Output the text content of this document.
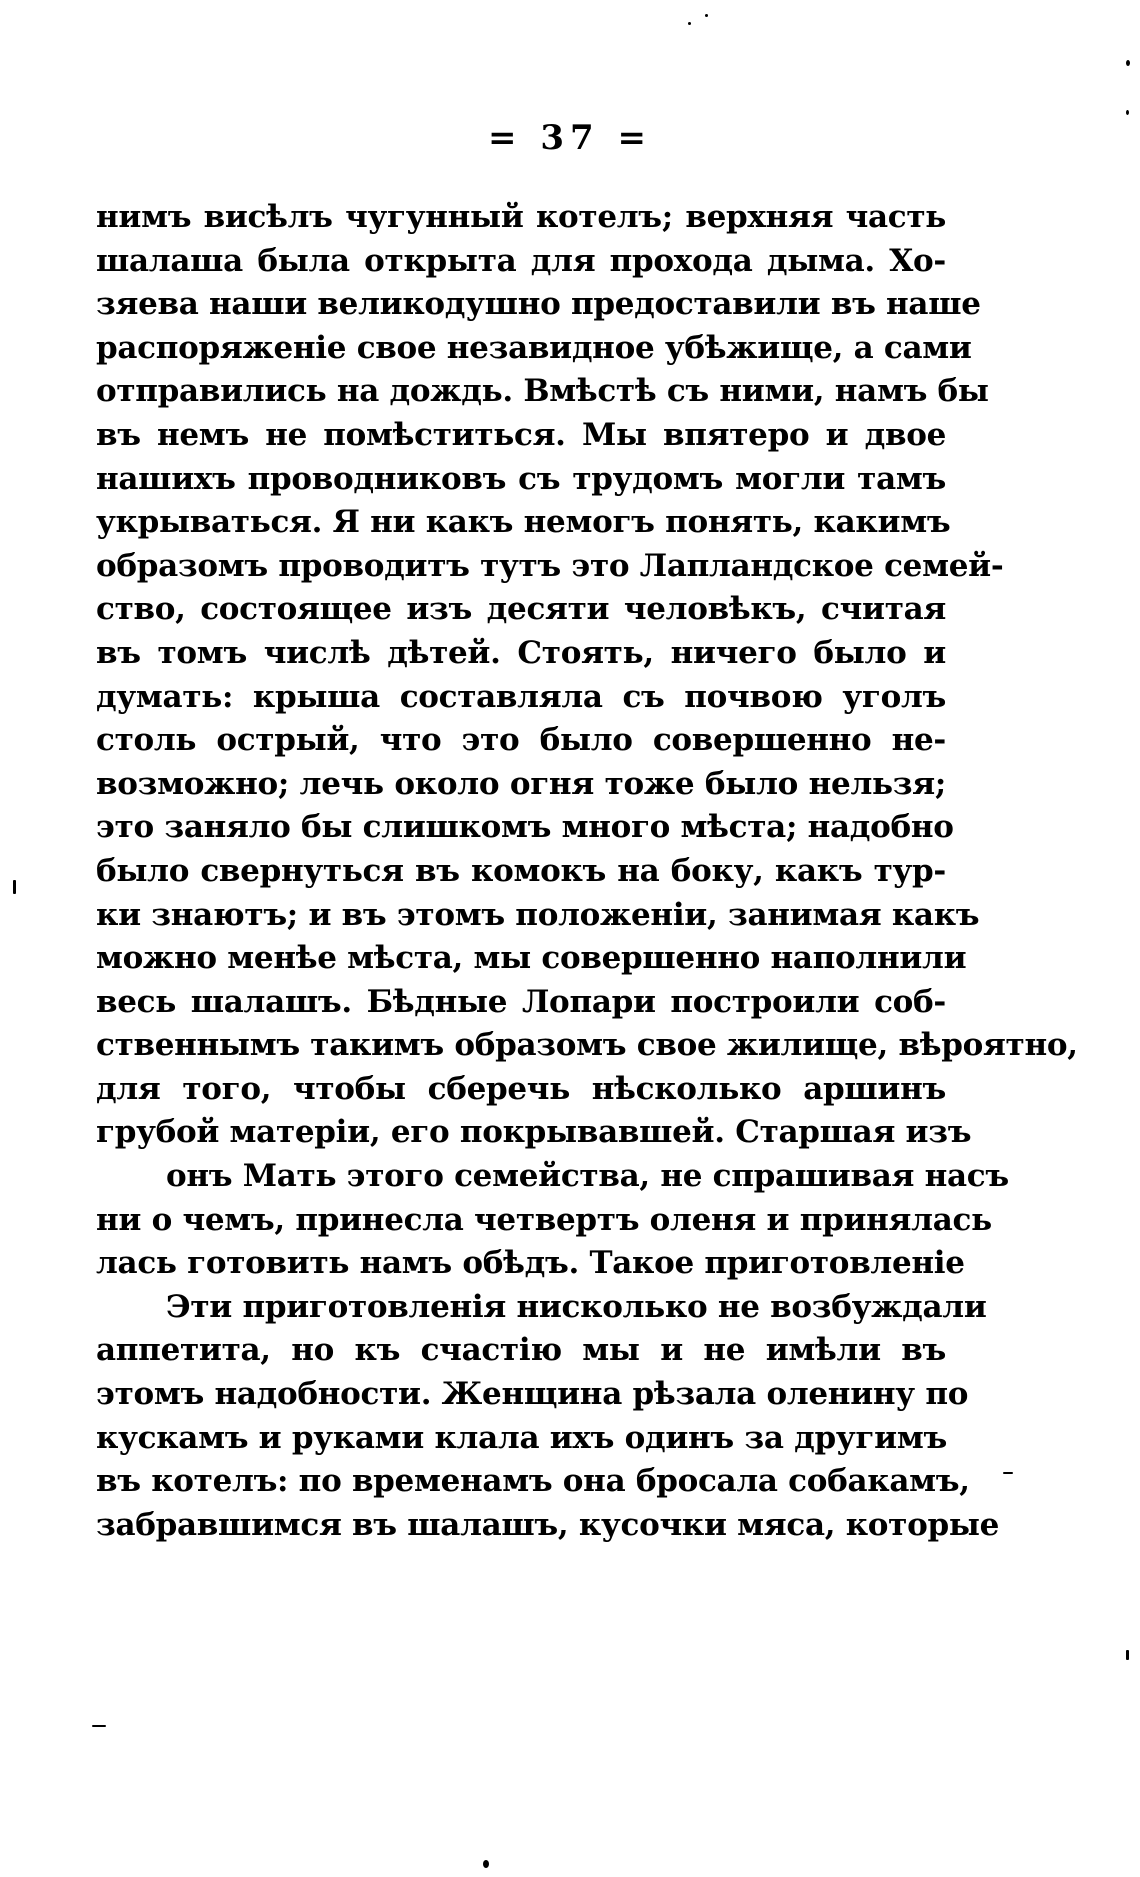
= 37 =
нимъ висѣлъ чугунный котелъ; верхняя часть
шалаша была открыта для прохода дыма. Хо-
зяева наши великодушно предоставили въ наше
распоряженіе свое незавидное убѣжище, а сами
отправились на дождь. Вмѣстѣ съ ними, намъ бы
въ немъ не помѣститься. Мы впятеро и двое
нашихъ проводниковъ съ трудомъ могли тамъ
укрываться. Я ни какъ немогъ понять, какимъ
образомъ проводитъ тутъ это Лапландское семей-
ство, состоящее изъ десяти человѣкъ, считая
въ томъ числѣ дѣтей. Стоять, ничего было и
думать: крыша составляла съ почвою уголъ
столь острый, что это было совершенно не-
возможно; лечь около огня тоже было нельзя;
это заняло бы слишкомъ много мѣста; надобно
было свернуться въ комокъ на боку, какъ тур-
ки знаютъ; и въ этомъ положеніи, занимая какъ
можно менѣе мѣста, мы совершенно наполнили
весь шалашъ. Бѣдные Лопари построили соб-
ственнымъ такимъ образомъ свое жилище, вѣроятно,
для того, чтобы сберечь нѣсколько аршинъ
грубой матеріи, его покрывавшей. Старшая изъ
онъ Мать этого семейства, не спрашивая насъ
ни о чемъ, принесла четвертъ оленя и принялась
лась готовить намъ обѣдъ. Такое приготовленіе
Эти приготовленія нисколько не возбуждали
аппетита, но къ счастію мы и не имѣли въ
этомъ надобности. Женщина рѣзала оленину по
кускамъ и руками клала ихъ одинъ за другимъ
въ котелъ: по временамъ она бросала собакамъ,
забравшимся въ шалашъ, кусочки мяса, которые
